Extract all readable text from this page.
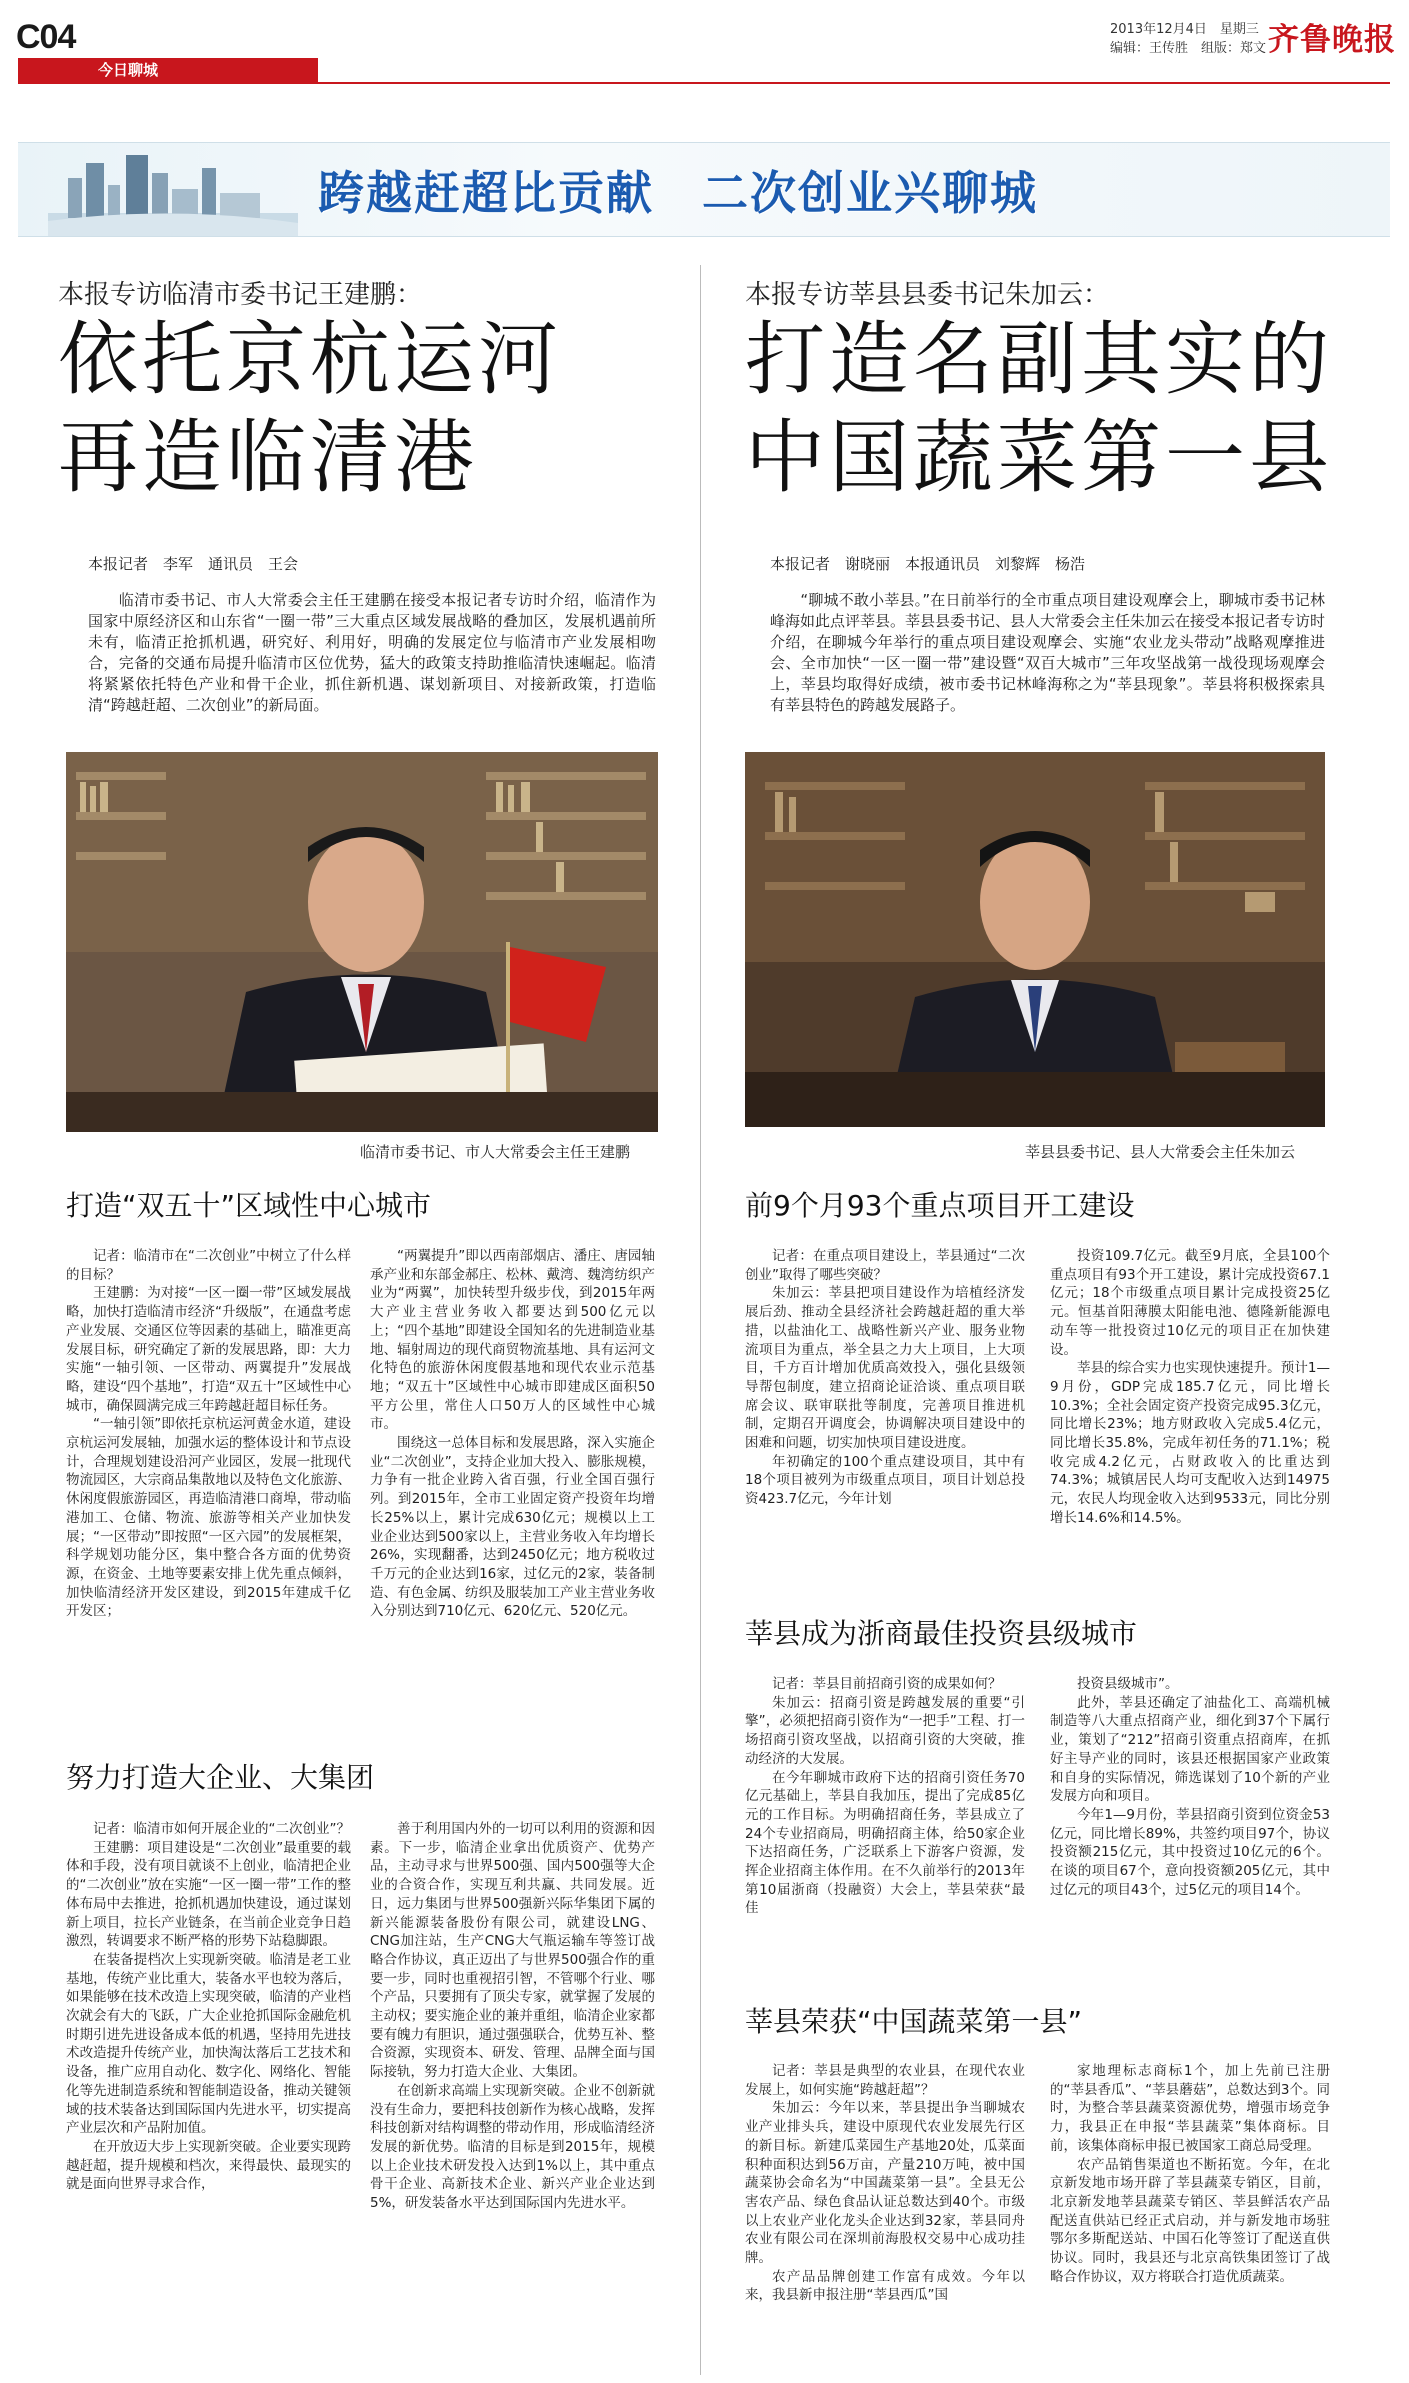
C04
今日聊城
2013年12月4日　星期三
编辑：王传胜　组版：郑文 齐鲁晚报
跨越赶超比贡献　二次创业兴聊城
本报专访临清市委书记王建鹏：
依托京杭运河
再造临清港
本报记者　李军　通讯员　王会
　　临清市委书记、市人大常委会主任王建鹏在接受本报记者专访时介绍，临清作为国家中原经济区和山东省“一圈一带”三大重点区域发展战略的叠加区，发展机遇前所未有，临清正抢抓机遇，研究好、利用好，明确的发展定位与临清市产业发展相吻合，完备的交通布局提升临清市区位优势，猛大的政策支持助推临清快速崛起。临清将紧紧依托特色产业和骨干企业，抓住新机遇、谋划新项目、对接新政策，打造临清“跨越赶超、二次创业”的新局面。
临清市委书记、市人大常委会主任王建鹏
打造“双五十”区域性中心城市

记者：临清市在“二次创业”中树立了什么样的目标？

王建鹏：为对接“一区一圈一带”区域发展战略，加快打造临清市经济“升级版”，在通盘考虑产业发展、交通区位等因素的基础上，瞄准更高发展目标，研究确定了新的发展思路，即：大力实施“一轴引领、一区带动、两翼提升”发展战略，建设“四个基地”，打造“双五十”区域性中心城市，确保圆满完成三年跨越赶超目标任务。

“一轴引领”即依托京杭运河黄金水道，建设京杭运河发展轴，加强水运的整体设计和节点设计，合理规划建设沿河产业园区，发展一批现代物流园区，大宗商品集散地以及特色文化旅游、休闲度假旅游园区，再造临清港口商埠，带动临港加工、仓储、物流、旅游等相关产业加快发展；“一区带动”即按照“一区六园”的发展框架，科学规划功能分区，集中整合各方面的优势资源，在资金、土地等要素安排上优先重点倾斜，加快临清经济开发区建设，到2015年建成千亿开发区；

“两翼提升”即以西南部烟店、潘庄、唐园轴承产业和东部金郝庄、松林、戴湾、魏湾纺织产业为“两翼”，加快转型升级步伐，到2015年两大产业主营业务收入都要达到500亿元以上；“四个基地”即建设全国知名的先进制造业基地、辐射周边的现代商贸物流基地、具有运河文化特色的旅游休闲度假基地和现代农业示范基地；“双五十”区域性中心城市即建成区面积50平方公里，常住人口50万人的区域性中心城市。

围绕这一总体目标和发展思路，深入实施企业“二次创业”，支持企业加大投入、膨胀规模，力争有一批企业跨入省百强，行业全国百强行列。到2015年，全市工业固定资产投资年均增长25%以上，累计完成630亿元；规模以上工业企业达到500家以上，主营业务收入年均增长26%，实现翻番，达到2450亿元；地方税收过千万元的企业达到16家，过亿元的2家，装备制造、有色金属、纺织及服装加工产业主营业务收入分别达到710亿元、620亿元、520亿元。

努力打造大企业、大集团

记者：临清市如何开展企业的“二次创业”？

王建鹏：项目建设是“二次创业”最重要的载体和手段，没有项目就谈不上创业，临清把企业的“二次创业”放在实施“一区一圈一带”工作的整体布局中去推进，抢抓机遇加快建设，通过谋划新上项目，拉长产业链条，在当前企业竞争日趋激烈，转调要求不断严格的形势下站稳脚跟。

在装备提档次上实现新突破。临清是老工业基地，传统产业比重大，装备水平也较为落后，如果能够在技术改造上实现突破，临清的产业档次就会有大的飞跃，广大企业抢抓国际金融危机时期引进先进设备成本低的机遇，坚持用先进技术改造提升传统产业，加快淘汰落后工艺技术和设备，推广应用自动化、数字化、网络化、智能化等先进制造系统和智能制造设备，推动关键领域的技术装备达到国际国内先进水平，切实提高产业层次和产品附加值。

在开放迈大步上实现新突破。企业要实现跨越赶超，提升规模和档次，来得最快、最现实的就是面向世界寻求合作，

善于利用国内外的一切可以利用的资源和因素。下一步，临清企业拿出优质资产、优势产品，主动寻求与世界500强、国内500强等大企业的合资合作，实现互利共赢、共同发展。近日，远力集团与世界500强新兴际华集团下属的新兴能源装备股份有限公司，就建设LNG、CNG加注站，生产CNG大气瓶运输车等签订战略合作协议，真正迈出了与世界500强合作的重要一步，同时也重视招引智，不管哪个行业、哪个产品，只要拥有了顶尖专家，就掌握了发展的主动权；要实施企业的兼并重组，临清企业家都要有魄力有胆识，通过强强联合，优势互补、整合资源，实现资本、研发、管理、品牌全面与国际接轨，努力打造大企业、大集团。

在创新求高端上实现新突破。企业不创新就没有生命力，要把科技创新作为核心战略，发挥科技创新对结构调整的带动作用，形成临清经济发展的新优势。临清的目标是到2015年，规模以上企业技术研发投入达到1%以上，其中重点骨干企业、高新技术企业、新兴产业企业达到5%，研发装备水平达到国际国内先进水平。

本报专访莘县县委书记朱加云：
打造名副其实的
中国蔬菜第一县
本报记者　谢晓丽　本报通讯员　刘黎辉　杨浩
　　“聊城不敢小莘县。”在日前举行的全市重点项目建设观摩会上，聊城市委书记林峰海如此点评莘县。莘县县委书记、县人大常委会主任朱加云在接受本报记者专访时介绍，在聊城今年举行的重点项目建设观摩会、实施“农业龙头带动”战略观摩推进会、全市加快“一区一圈一带”建设暨“双百大城市”三年攻坚战第一战役现场观摩会上，莘县均取得好成绩，被市委书记林峰海称之为“莘县现象”。莘县将积极探索具有莘县特色的跨越发展路子。
莘县县委书记、县人大常委会主任朱加云
前9个月93个重点项目开工建设

记者：在重点项目建设上，莘县通过“二次创业”取得了哪些突破？

朱加云：莘县把项目建设作为培植经济发展后劲、推动全县经济社会跨越赶超的重大举措，以盐油化工、战略性新兴产业、服务业物流项目为重点，举全县之力大上项目，上大项目，千方百计增加优质高效投入，强化县级领导帮包制度，建立招商论证洽谈、重点项目联席会议、联审联批等制度，完善项目推进机制，定期召开调度会，协调解决项目建设中的困难和问题，切实加快项目建设进度。

年初确定的100个重点建设项目，其中有18个项目被列为市级重点项目，项目计划总投资423.7亿元，今年计划

投资109.7亿元。截至9月底，全县100个重点项目有93个开工建设，累计完成投资67.1亿元；18个市级重点项目累计完成投资25亿元。恒基首阳薄膜太阳能电池、德隆新能源电动车等一批投资过10亿元的项目正在加快建设。

莘县的综合实力也实现快速提升。预计1—9月份，GDP完成185.7亿元，同比增长10.3%；全社会固定资产投资完成95.3亿元，同比增长23%；地方财政收入完成5.4亿元，同比增长35.8%，完成年初任务的71.1%；税收完成4.2亿元，占财政收入的比重达到74.3%；城镇居民人均可支配收入达到14975元，农民人均现金收入达到9533元，同比分别增长14.6%和14.5%。

莘县成为浙商最佳投资县级城市

记者：莘县目前招商引资的成果如何？

朱加云：招商引资是跨越发展的重要“引擎”，必须把招商引资作为“一把手”工程、打一场招商引资攻坚战，以招商引资的大突破，推动经济的大发展。

在今年聊城市政府下达的招商引资任务70亿元基础上，莘县自我加压，提出了完成85亿元的工作目标。为明确招商任务，莘县成立了24个专业招商局，明确招商主体，给50家企业下达招商任务，广泛联系上下游客户资源，发挥企业招商主体作用。在不久前举行的2013年第10届浙商（投融资）大会上，莘县荣获“最佳

投资县级城市”。

此外，莘县还确定了油盐化工、高端机械制造等八大重点招商产业，细化到37个下属行业，策划了“212”招商引资重点招商库，在抓好主导产业的同时，该县还根据国家产业政策和自身的实际情况，筛选谋划了10个新的产业发展方向和项目。

今年1—9月份，莘县招商引资到位资金53亿元，同比增长89%，共签约项目97个，协议投资额215亿元，其中投资过10亿元的6个。在谈的项目67个，意向投资额205亿元，其中过亿元的项目43个，过5亿元的项目14个。

莘县荣获“中国蔬菜第一县”

记者：莘县是典型的农业县，在现代农业发展上，如何实施“跨越赶超”？

朱加云：今年以来，莘县提出争当聊城农业产业排头兵，建设中原现代农业发展先行区的新目标。新建瓜菜园生产基地20处，瓜菜面积种面积达到56万亩，产量210万吨，被中国蔬菜协会命名为“中国蔬菜第一县”。全县无公害农产品、绿色食品认证总数达到40个。市级以上农业产业化龙头企业达到32家，莘县同舟农业有限公司在深圳前海股权交易中心成功挂牌。

农产品品牌创建工作富有成效。今年以来，我县新申报注册“莘县西瓜”国

家地理标志商标1个，加上先前已注册的“莘县香瓜”、“莘县蘑菇”，总数达到3个。同时，为整合莘县蔬菜资源优势，增强市场竞争力，我县正在申报“莘县蔬菜”集体商标。目前，该集体商标申报已被国家工商总局受理。

农产品销售渠道也不断拓宽。今年，在北京新发地市场开辟了莘县蔬菜专销区，目前，北京新发地莘县蔬菜专销区、莘县鲜活农产品配送直供站已经正式启动，并与新发地市场驻鄂尔多斯配送站、中国石化等签订了配送直供协议。同时，我县还与北京高铁集团签订了战略合作协议，双方将联合打造优质蔬菜。
